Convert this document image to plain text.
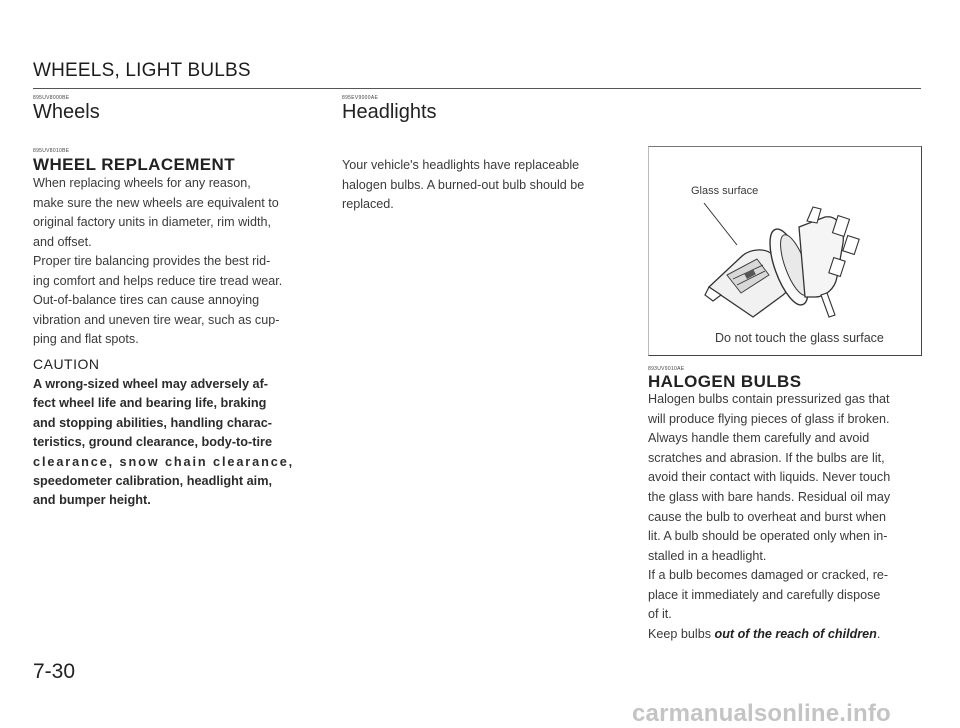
WHEELS, LIGHT BULBS
895UV8000BE
Wheels
895UV8010BE
WHEEL REPLACEMENT

When replacing wheels for any reason,

make sure the new wheels are equivalent to

original factory units in diameter, rim width,

and offset.

Proper tire balancing provides the best rid-

ing comfort and helps reduce tire tread wear.

Out-of-balance tires can cause annoying

vibration and uneven tire wear, such as cup-

ping and flat spots.

CAUTION

A wrong-sized wheel may adversely af-

fect wheel life and bearing life, braking

and stopping abilities, handling charac-

teristics, ground clearance, body-to-tire

clearance, snow chain clearance,

speedometer calibration, headlight aim,

and bumper height.

895EV9000AE
Headlights

Your vehicle's headlights have replaceable

halogen bulbs. A burned-out bulb should be

replaced.

Glass surface
Do not touch the glass surface
893UV9010AE
HALOGEN BULBS

Halogen bulbs contain pressurized gas that

will produce flying pieces of glass if broken.

Always handle them carefully and avoid

scratches and abrasion. If the bulbs are lit,

avoid their contact with liquids. Never touch

the glass with bare hands. Residual oil may

cause the bulb to overheat and burst when

lit. A bulb should be operated only when in-

stalled in a headlight.

If a bulb becomes damaged or cracked, re-

place it immediately and carefully dispose

of it.

Keep bulbs out of the reach of children.
7-30
carmanualsonline.info
